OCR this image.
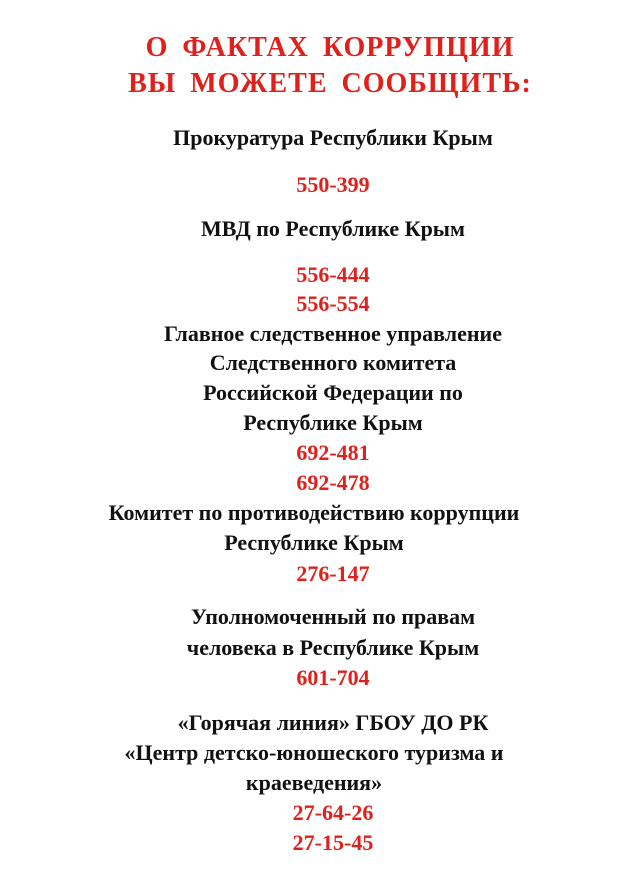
О ФАКТАХ КОРРУПЦИИ
ВЫ МОЖЕТЕ СООБЩИТЬ:
Прокуратура Республики Крым
550-399
МВД по Республике Крым
556-444
556-554
Главное следственное управление
Следственного комитета
Российской Федерации по
Республике Крым
692-481
692-478
Комитет по противодействию коррупции
Республике Крым
276-147
Уполномоченный по правам
человека в Республике Крым
601-704
«Горячая линия» ГБОУ ДО РК
«Центр детско-юношеского туризма и
краеведения»
27-64-26
27-15-45
